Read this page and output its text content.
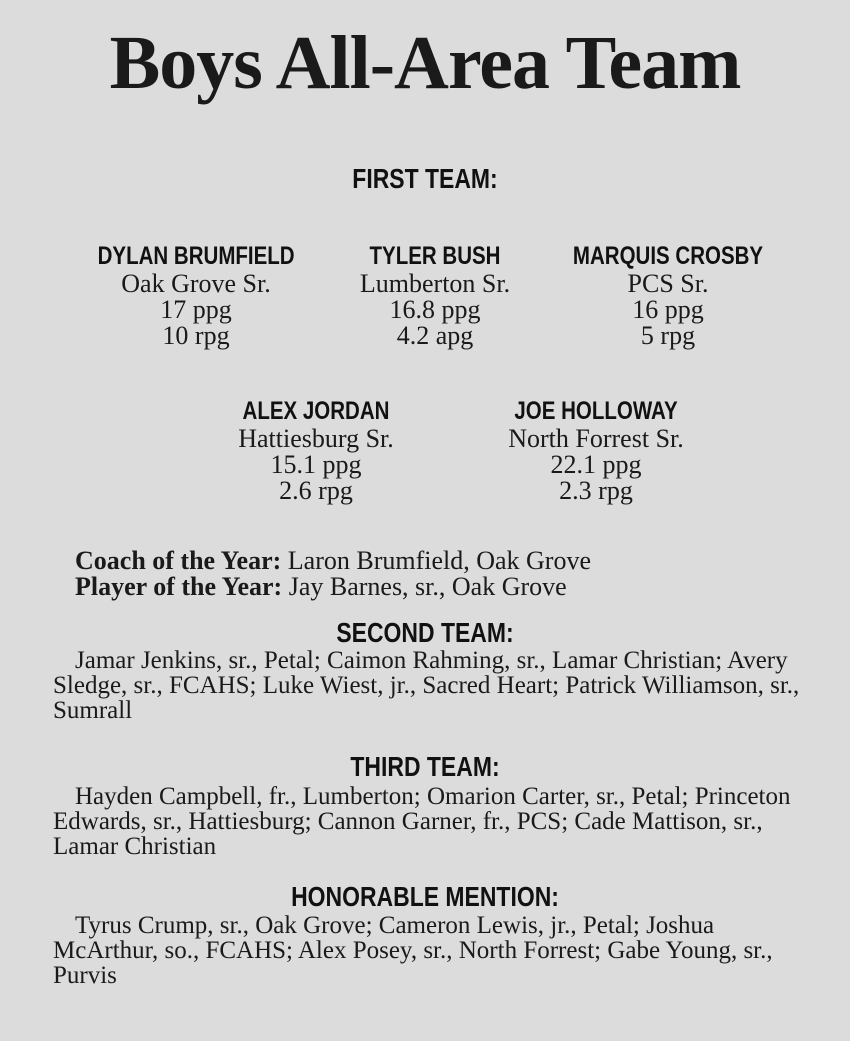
Boys All-Area Team
FIRST TEAM:
DYLAN BRUMFIELD
Oak Grove Sr.
17 ppg
10 rpg
TYLER BUSH
Lumberton Sr.
16.8 ppg
4.2 apg
MARQUIS CROSBY
PCS Sr.
16 ppg
5 rpg
ALEX JORDAN
Hattiesburg Sr.
15.1 ppg
2.6 rpg
JOE HOLLOWAY
North Forrest Sr.
22.1 ppg
2.3 rpg
Coach of the Year: Laron Brumfield, Oak Grove
Player of the Year: Jay Barnes, sr., Oak Grove
SECOND TEAM:
Jamar Jenkins, sr., Petal; Caimon Rahming, sr., Lamar Christian; Avery Sledge, sr., FCAHS; Luke Wiest, jr., Sacred Heart; Patrick Williamson, sr., Sumrall
THIRD TEAM:
Hayden Campbell, fr., Lumberton; Omarion Carter, sr., Petal; Princeton Edwards, sr., Hattiesburg; Cannon Garner, fr., PCS; Cade Mattison, sr., Lamar Christian
HONORABLE MENTION:
Tyrus Crump, sr., Oak Grove; Cameron Lewis, jr., Petal; Joshua McArthur, so., FCAHS; Alex Posey, sr., North Forrest; Gabe Young, sr., Purvis
